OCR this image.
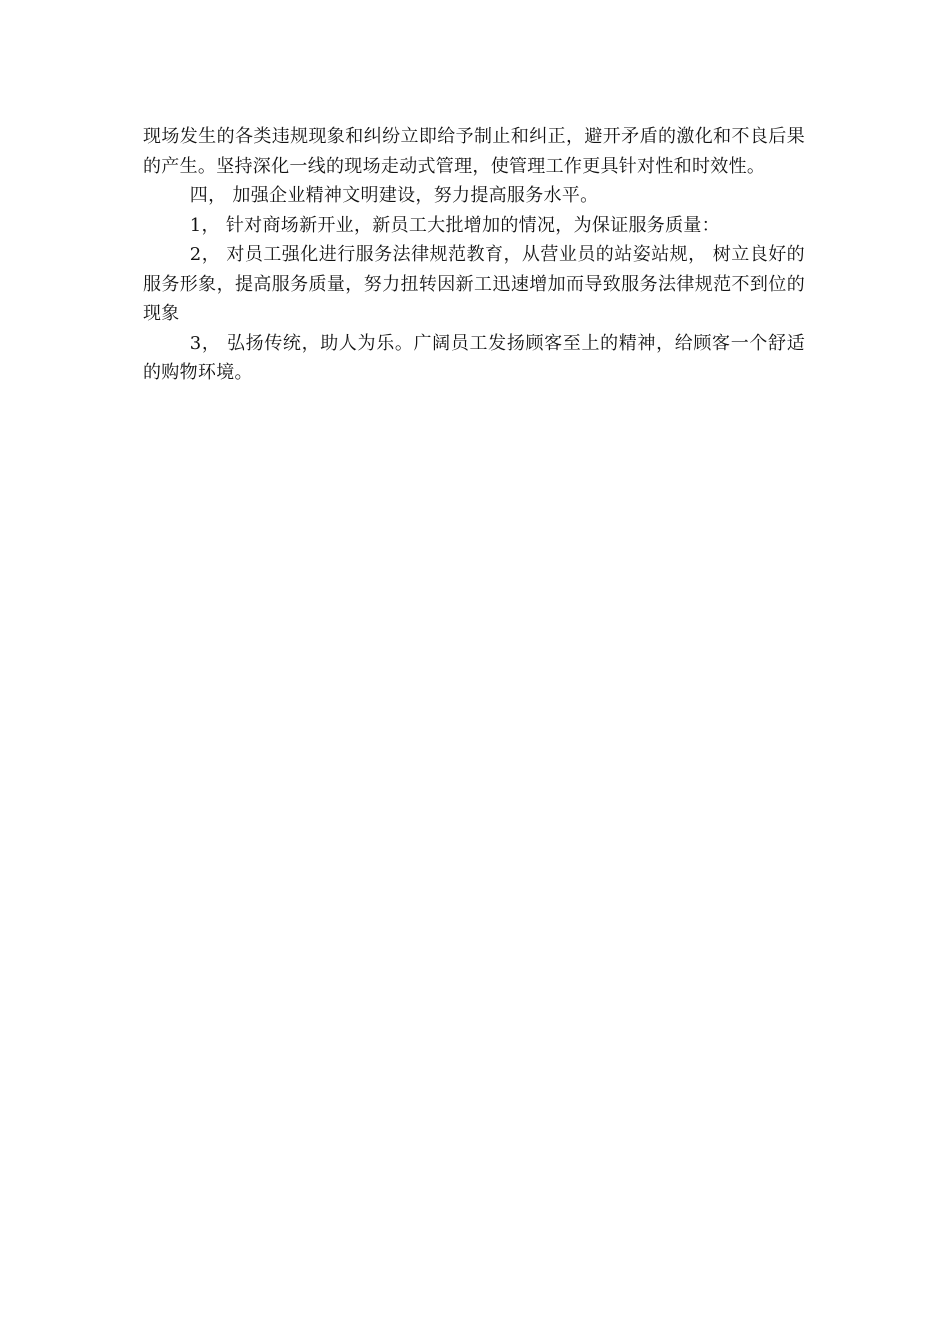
现场发生的各类违规现象和纠纷立即给予制止和纠正，避开矛盾的激化和不良后果的产生。坚持深化一线的现场走动式管理，使管理工作更具针对性和时效性。

四， 加强企业精神文明建设，努力提高服务水平。

1， 针对商场新开业，新员工大批增加的情况，为保证服务质量：

2， 对员工强化进行服务法律规范教育，从营业员的站姿站规， 树立良好的服务形象，提高服务质量，努力扭转因新工迅速增加而导致服务法律规范不到位的现象

3， 弘扬传统，助人为乐。广阔员工发扬顾客至上的精神，给顾客一个舒适的购物环境。
